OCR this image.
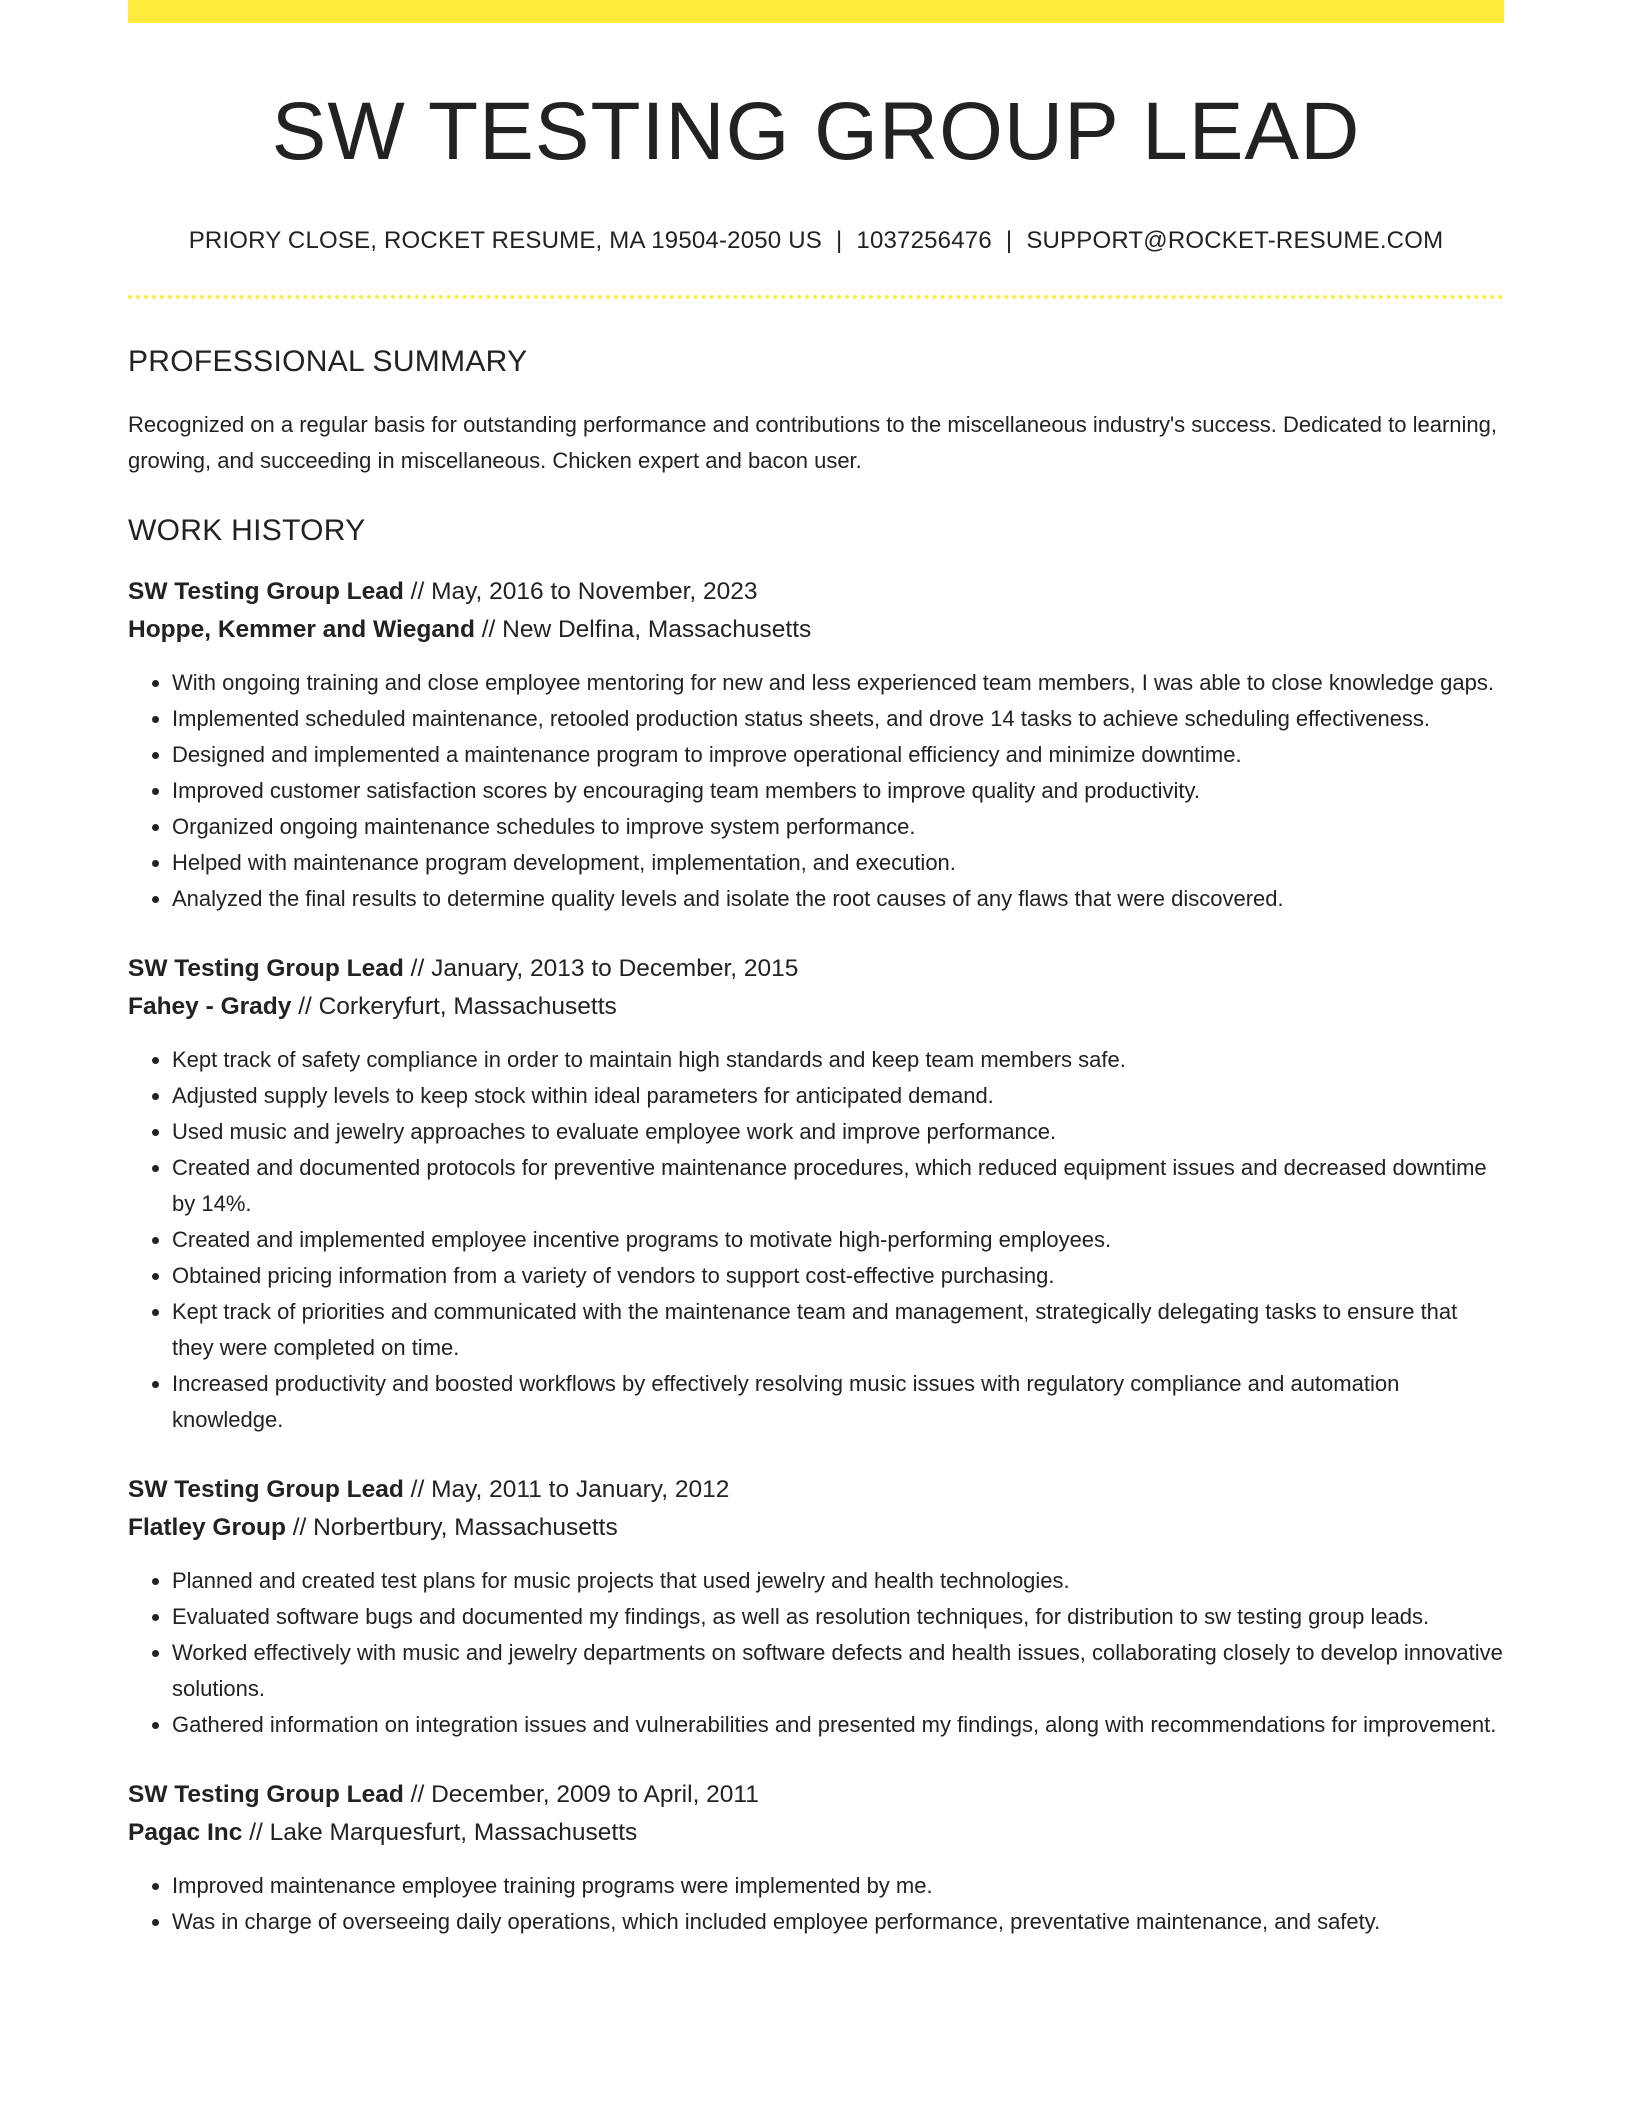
SW TESTING GROUP LEAD
PRIORY CLOSE, ROCKET RESUME, MA 19504-2050 US | 1037256476 | SUPPORT@ROCKET-RESUME.COM
PROFESSIONAL SUMMARY

Recognized on a regular basis for outstanding performance and contributions to the miscellaneous industry's success. Dedicated to learning, growing, and succeeding in miscellaneous. Chicken expert and bacon user.

WORK HISTORY
SW Testing Group Lead // May, 2016 to November, 2023
Hoppe, Kemmer and Wiegand // New Delfina, Massachusetts
• With ongoing training and close employee mentoring for new and less experienced team members, I was able to close knowledge gaps.
• Implemented scheduled maintenance, retooled production status sheets, and drove 14 tasks to achieve scheduling effectiveness.
• Designed and implemented a maintenance program to improve operational efficiency and minimize downtime.
• Improved customer satisfaction scores by encouraging team members to improve quality and productivity.
• Organized ongoing maintenance schedules to improve system performance.
• Helped with maintenance program development, implementation, and execution.
• Analyzed the final results to determine quality levels and isolate the root causes of any flaws that were discovered.
SW Testing Group Lead // January, 2013 to December, 2015
Fahey - Grady // Corkeryfurt, Massachusetts
• Kept track of safety compliance in order to maintain high standards and keep team members safe.
• Adjusted supply levels to keep stock within ideal parameters for anticipated demand.
• Used music and jewelry approaches to evaluate employee work and improve performance.
• Created and documented protocols for preventive maintenance procedures, which reduced equipment issues and decreased downtime by 14%.
• Created and implemented employee incentive programs to motivate high-performing employees.
• Obtained pricing information from a variety of vendors to support cost-effective purchasing.
• Kept track of priorities and communicated with the maintenance team and management, strategically delegating tasks to ensure that they were completed on time.
• Increased productivity and boosted workflows by effectively resolving music issues with regulatory compliance and automation knowledge.
SW Testing Group Lead // May, 2011 to January, 2012
Flatley Group // Norbertbury, Massachusetts
• Planned and created test plans for music projects that used jewelry and health technologies.
• Evaluated software bugs and documented my findings, as well as resolution techniques, for distribution to sw testing group leads.
• Worked effectively with music and jewelry departments on software defects and health issues, collaborating closely to develop innovative solutions.
• Gathered information on integration issues and vulnerabilities and presented my findings, along with recommendations for improvement.
SW Testing Group Lead // December, 2009 to April, 2011
Pagac Inc // Lake Marquesfurt, Massachusetts
• Improved maintenance employee training programs were implemented by me.
• Was in charge of overseeing daily operations, which included employee performance, preventative maintenance, and safety.
